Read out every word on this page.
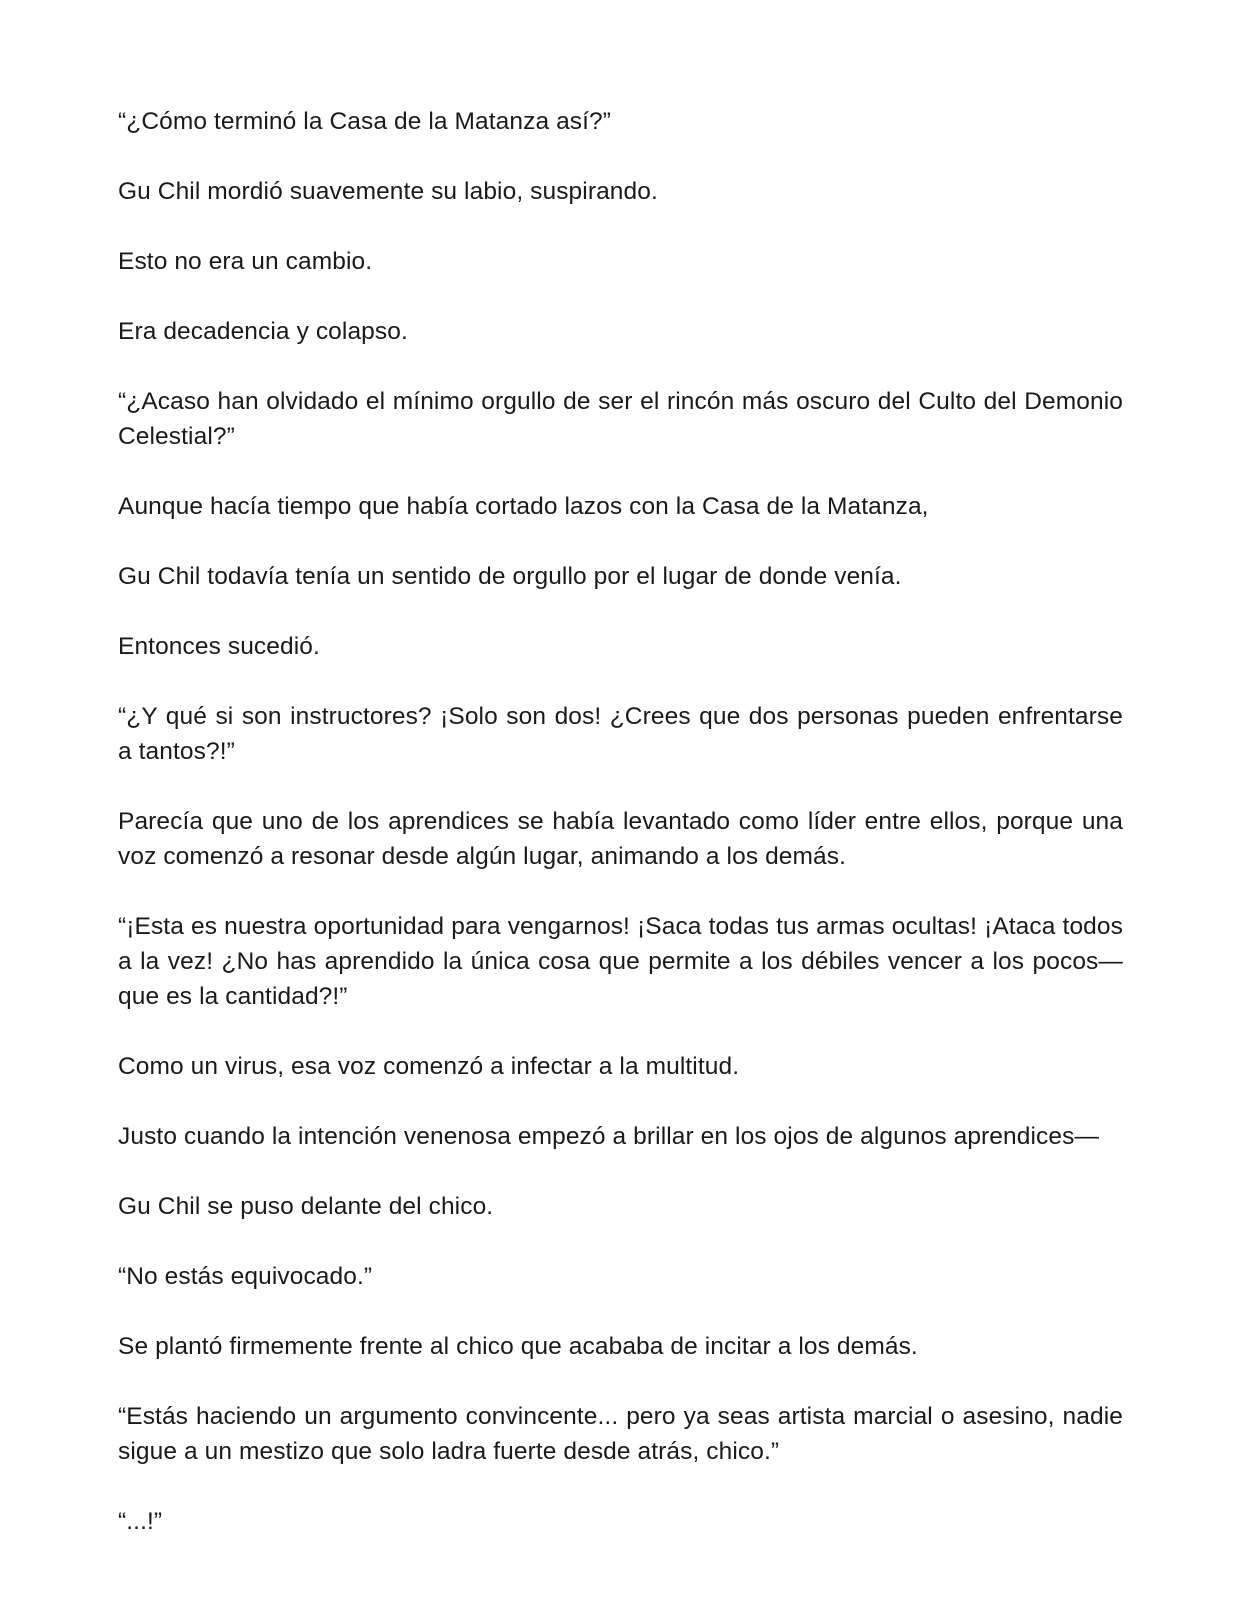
“¿Cómo terminó la Casa de la Matanza así?”

Gu Chil mordió suavemente su labio, suspirando.

Esto no era un cambio.

Era decadencia y colapso.

“¿Acaso han olvidado el mínimo orgullo de ser el rincón más oscuro del Culto del Demonio Celestial?”

Aunque hacía tiempo que había cortado lazos con la Casa de la Matanza,

Gu Chil todavía tenía un sentido de orgullo por el lugar de donde venía.

Entonces sucedió.

“¿Y qué si son instructores? ¡Solo son dos! ¿Crees que dos personas pueden enfrentarse a tantos?!”

Parecía que uno de los aprendices se había levantado como líder entre ellos, porque una voz comenzó a resonar desde algún lugar, animando a los demás.

“¡Esta es nuestra oportunidad para vengarnos! ¡Saca todas tus armas ocultas! ¡Ataca todos a la vez! ¿No has aprendido la única cosa que permite a los débiles vencer a los pocos—que es la cantidad?!”

Como un virus, esa voz comenzó a infectar a la multitud.

Justo cuando la intención venenosa empezó a brillar en los ojos de algunos aprendices—

Gu Chil se puso delante del chico.

“No estás equivocado.”

Se plantó firmemente frente al chico que acababa de incitar a los demás.

“Estás haciendo un argumento convincente... pero ya seas artista marcial o asesino, nadie sigue a un mestizo que solo ladra fuerte desde atrás, chico.”

“...!”
